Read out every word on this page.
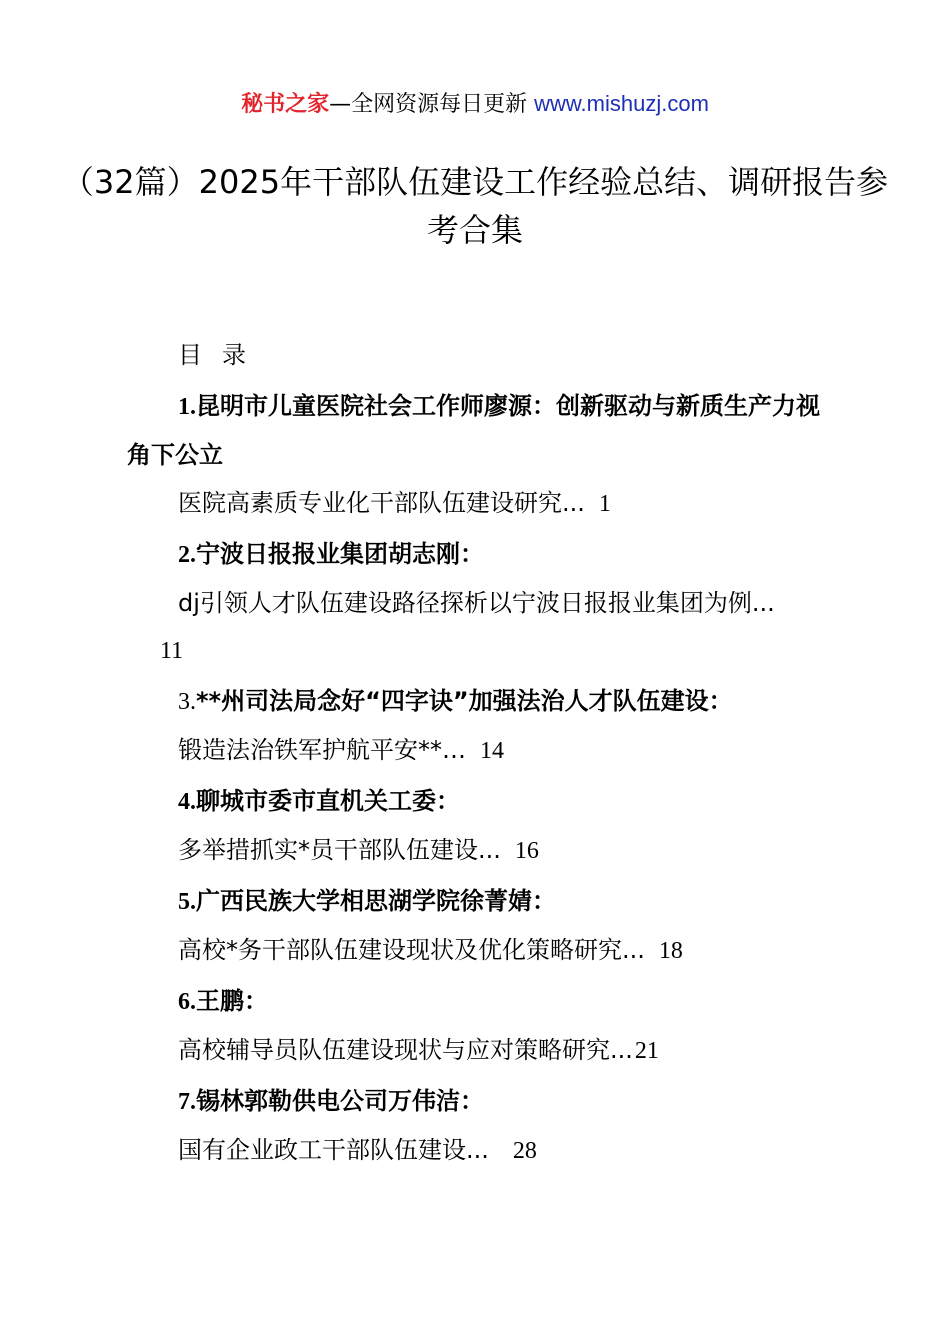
秘书之家—全网资源每日更新 www.mishuzj.com
（32篇）2025年干部队伍建设工作经验总结、调研报告参考合集
目录

1.昆明市儿童医院社会工作师廖源：创新驱动与新质生产力视角下公立

医院高素质专业化干部队伍建设研究... 1

2.宁波日报报业集团胡志刚：

dj引领人才队伍建设路径探析以宁波日报报业集团为例...
11

3.**州司法局念好“四字诀”加强法治人才队伍建设：

锻造法治铁军护航平安**… 14

4.聊城市委市直机关工委：

多举措抓实*员干部队伍建设... 16

5.广西民族大学相思湖学院徐菁婧：

高校*务干部队伍建设现状及优化策略研究... 18

6.王鹏：

高校辅导员队伍建设现状与应对策略研究...21

7.锡林郭勒供电公司万伟洁：

国有企业政工干部队伍建设... 28
